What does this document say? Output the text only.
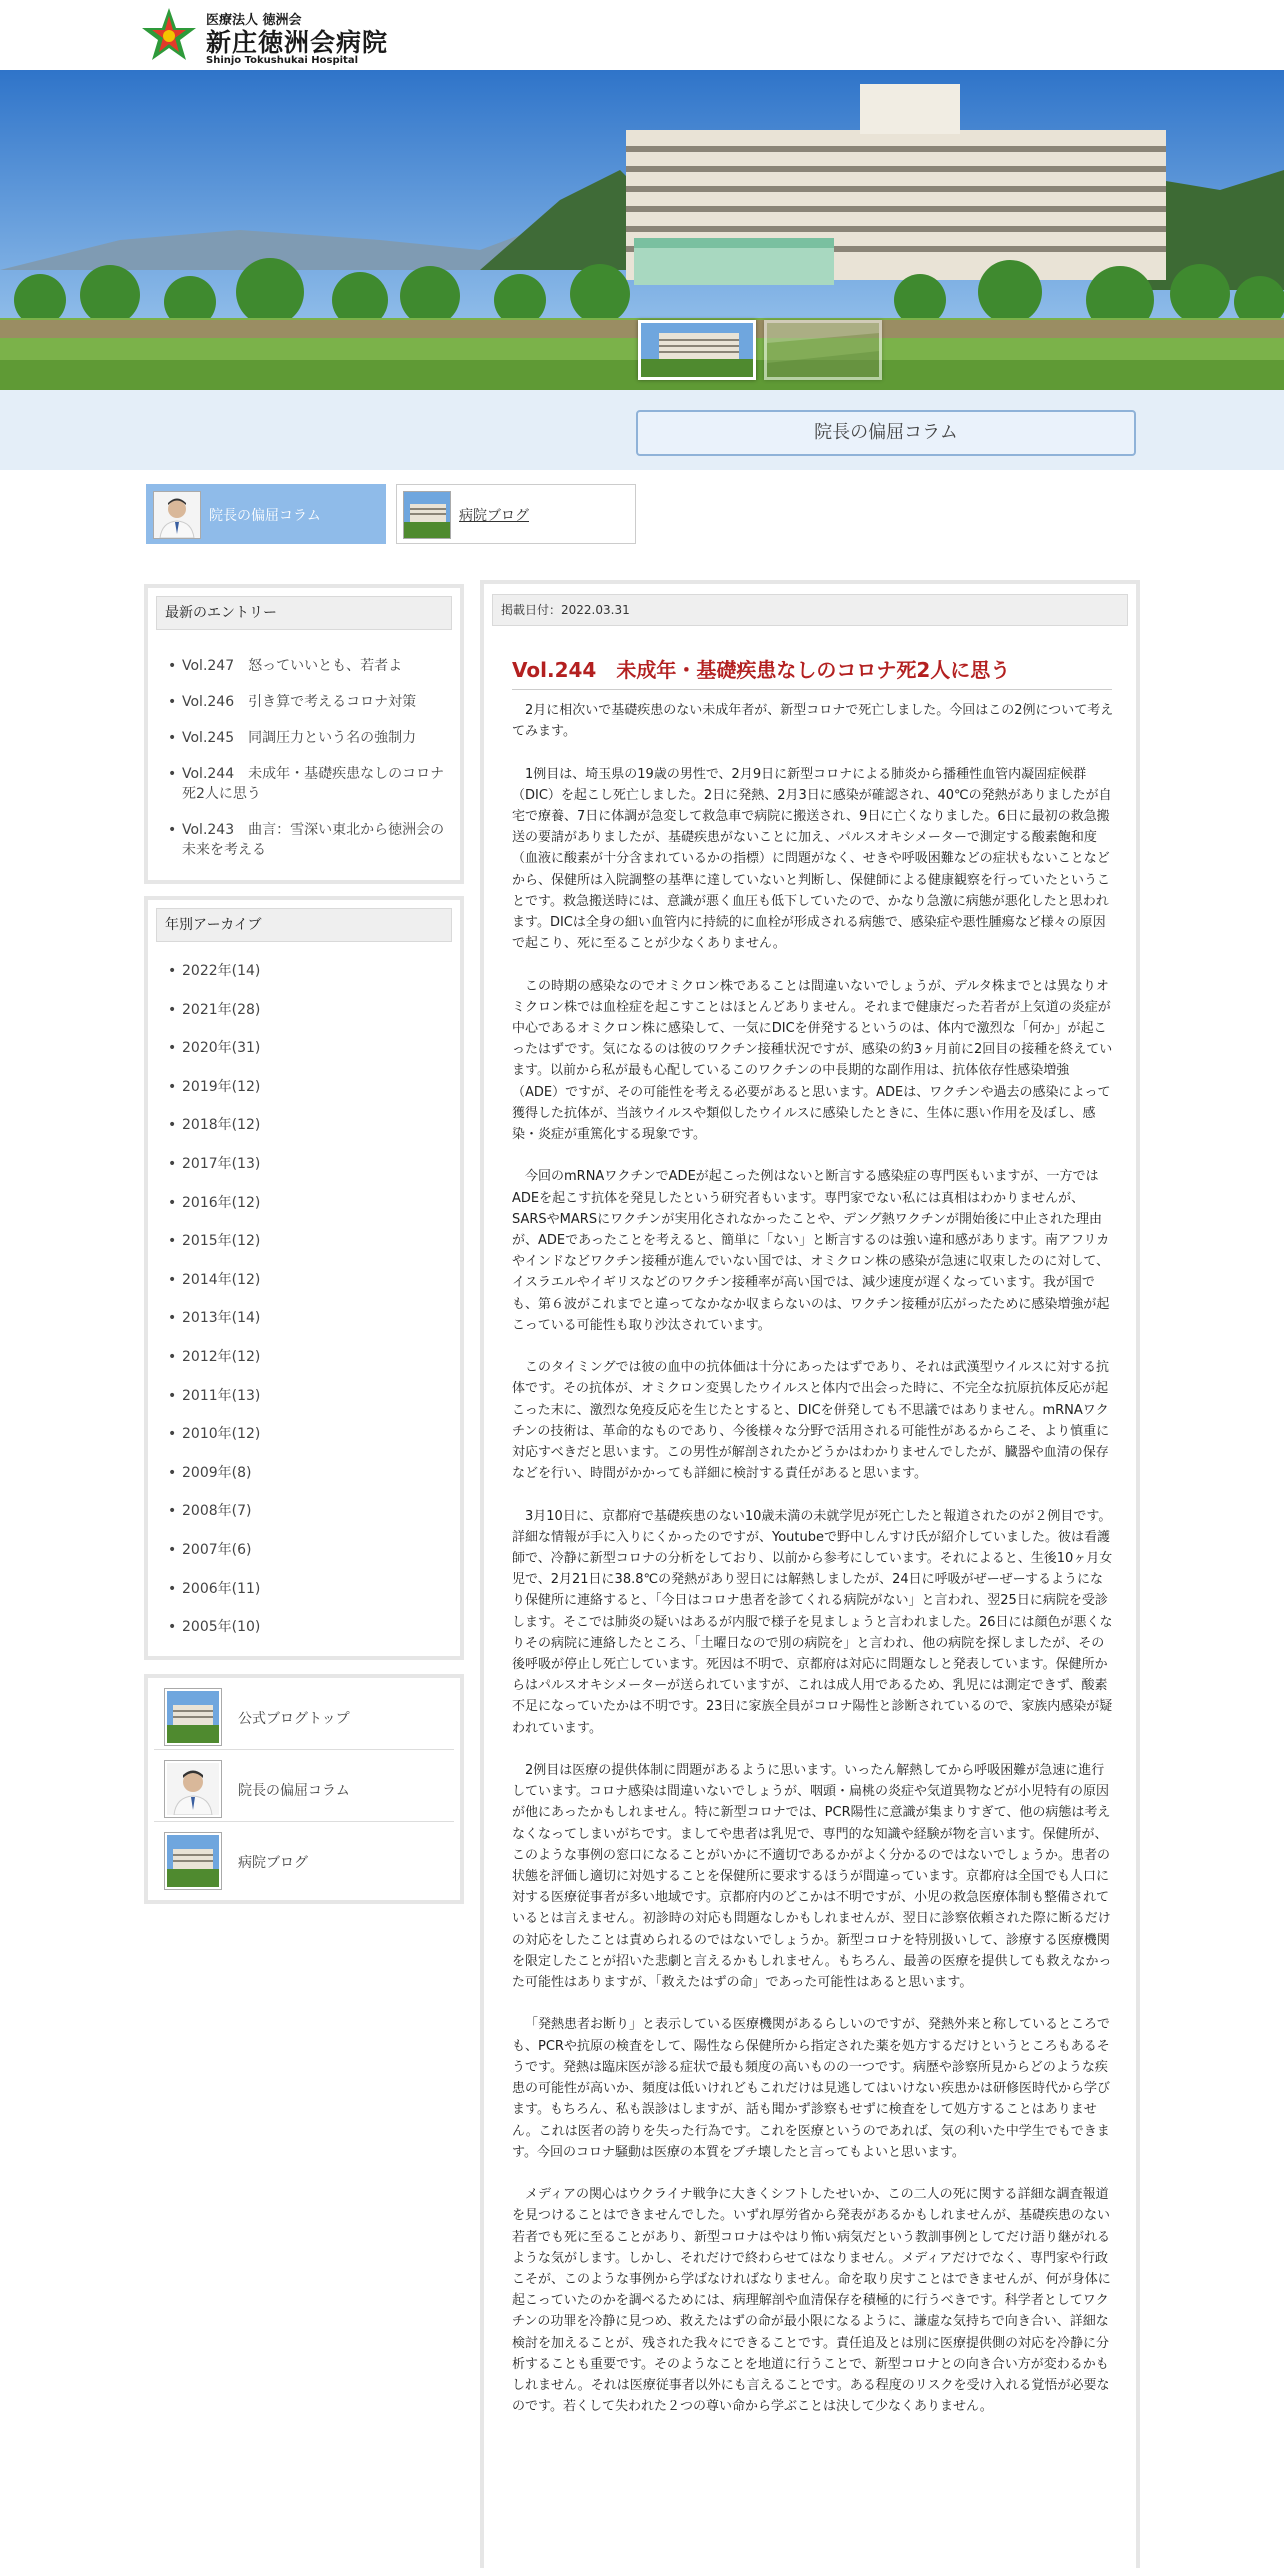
医療法人 徳洲会
新庄徳洲会病院
Shinjo Tokushukai Hospital
院長の偏屈コラム
院長の偏屈コラム	病院ブログ
最新のエントリー
• Vol.247　怒っていいとも、若者よ
• Vol.246　引き算で考えるコロナ対策
• Vol.245　同調圧力という名の強制力
• Vol.244　未成年・基礎疾患なしのコロナ死2人に思う
• Vol.243　曲言：雪深い東北から徳洲会の未来を考える
年別アーカイブ
• 2022年(14)
• 2021年(28)
• 2020年(31)
• 2019年(12)
• 2018年(12)
• 2017年(13)
• 2016年(12)
• 2015年(12)
• 2014年(12)
• 2013年(14)
• 2012年(12)
• 2011年(13)
• 2010年(12)
• 2009年(8)
• 2008年(7)
• 2007年(6)
• 2006年(11)
• 2005年(10)
公式ブログトップ
院長の偏屈コラム
病院ブログ
掲載日付：2022.03.31
Vol.244　未成年・基礎疾患なしのコロナ死2人に思う

2月に相次いで基礎疾患のない未成年者が、新型コロナで死亡しました。今回はこの2例について考えてみます。

1例目は、埼玉県の19歳の男性で、2月9日に新型コロナによる肺炎から播種性血管内凝固症候群（DIC）を起こし死亡しました。2日に発熱、2月3日に感染が確認され、40℃の発熱がありましたが自宅で療養、7日に体調が急変して救急車で病院に搬送され、9日に亡くなりました。6日に最初の救急搬送の要請がありましたが、基礎疾患がないことに加え、パルスオキシメーターで測定する酸素飽和度（血液に酸素が十分含まれているかの指標）に問題がなく、せきや呼吸困難などの症状もないことなどから、保健所は入院調整の基準に達していないと判断し、保健師による健康観察を行っていたということです。救急搬送時には、意識が悪く血圧も低下していたので、かなり急激に病態が悪化したと思われます。DICは全身の細い血管内に持続的に血栓が形成される病態で、感染症や悪性腫瘍など様々の原因で起こり、死に至ることが少なくありません。

この時期の感染なのでオミクロン株であることは間違いないでしょうが、デルタ株までとは異なりオミクロン株では血栓症を起こすことはほとんどありません。それまで健康だった若者が上気道の炎症が中心であるオミクロン株に感染して、一気にDICを併発するというのは、体内で激烈な「何か」が起こったはずです。気になるのは彼のワクチン接種状況ですが、感染の約3ヶ月前に2回目の接種を終えています。以前から私が最も心配しているこのワクチンの中長期的な副作用は、抗体依存性感染増強（ADE）ですが、その可能性を考える必要があると思います。ADEは、ワクチンや過去の感染によって獲得した抗体が、当該ウイルスや類似したウイルスに感染したときに、生体に悪い作用を及ぼし、感染・炎症が重篤化する現象です。

今回のmRNAワクチンでADEが起こった例はないと断言する感染症の専門医もいますが、一方ではADEを起こす抗体を発見したという研究者もいます。専門家でない私には真相はわかりませんが、SARSやMARSにワクチンが実用化されなかったことや、デング熱ワクチンが開始後に中止された理由が、ADEであったことを考えると、簡単に「ない」と断言するのは強い違和感があります。南アフリカやインドなどワクチン接種が進んでいない国では、オミクロン株の感染が急速に収束したのに対して、イスラエルやイギリスなどのワクチン接種率が高い国では、減少速度が遅くなっています。我が国でも、第６波がこれまでと違ってなかなか収まらないのは、ワクチン接種が広がったために感染増強が起こっている可能性も取り沙汰されています。

このタイミングでは彼の血中の抗体価は十分にあったはずであり、それは武漢型ウイルスに対する抗体です。その抗体が、オミクロン変異したウイルスと体内で出会った時に、不完全な抗原抗体反応が起こった末に、激烈な免疫反応を生じたとすると、DICを併発しても不思議ではありません。mRNAワクチンの技術は、革命的なものであり、今後様々な分野で活用される可能性があるからこそ、より慎重に対応すべきだと思います。この男性が解剖されたかどうかはわかりませんでしたが、臓器や血清の保存などを行い、時間がかかっても詳細に検討する責任があると思います。

3月10日に、京都府で基礎疾患のない10歳未満の未就学児が死亡したと報道されたのが２例目です。詳細な情報が手に入りにくかったのですが、Youtubeで野中しんすけ氏が紹介していました。彼は看護師で、冷静に新型コロナの分析をしており、以前から参考にしています。それによると、生後10ヶ月女児で、2月21日に38.8℃の発熱があり翌日には解熱しましたが、24日に呼吸がぜーぜーするようになり保健所に連絡すると、「今日はコロナ患者を診てくれる病院がない」と言われ、翌25日に病院を受診します。そこでは肺炎の疑いはあるが内服で様子を見ましょうと言われました。26日には顔色が悪くなりその病院に連絡したところ、「土曜日なので別の病院を」と言われ、他の病院を探しましたが、その後呼吸が停止し死亡しています。死因は不明で、京都府は対応に問題なしと発表しています。保健所からはパルスオキシメーターが送られていますが、これは成人用であるため、乳児には測定できず、酸素不足になっていたかは不明です。23日に家族全員がコロナ陽性と診断されているので、家族内感染が疑われています。

2例目は医療の提供体制に問題があるように思います。いったん解熱してから呼吸困難が急速に進行しています。コロナ感染は間違いないでしょうが、咽頭・扁桃の炎症や気道異物などが小児特有の原因が他にあったかもしれません。特に新型コロナでは、PCR陽性に意識が集まりすぎて、他の病態は考えなくなってしまいがちです。ましてや患者は乳児で、専門的な知識や経験が物を言います。保健所が、このような事例の窓口になることがいかに不適切であるかがよく分かるのではないでしょうか。患者の状態を評価し適切に対処することを保健所に要求するほうが間違っています。京都府は全国でも人口に対する医療従事者が多い地域です。京都府内のどこかは不明ですが、小児の救急医療体制も整備されているとは言えません。初診時の対応も問題なしかもしれませんが、翌日に診察依頼された際に断るだけの対応をしたことは責められるのではないでしょうか。新型コロナを特別扱いして、診療する医療機関を限定したことが招いた悲劇と言えるかもしれません。もちろん、最善の医療を提供しても救えなかった可能性はありますが、「救えたはずの命」であった可能性はあると思います。

「発熱患者お断り」と表示している医療機関があるらしいのですが、発熱外来と称しているところでも、PCRや抗原の検査をして、陽性なら保健所から指定された薬を処方するだけというところもあるそうです。発熱は臨床医が診る症状で最も頻度の高いものの一つです。病歴や診察所見からどのような疾患の可能性が高いか、頻度は低いけれどもこれだけは見逃してはいけない疾患かは研修医時代から学びます。もちろん、私も誤診はしますが、話も聞かず診察もせずに検査をして処方することはありません。これは医者の誇りを失った行為です。これを医療というのであれば、気の利いた中学生でもできます。今回のコロナ騒動は医療の本質をブチ壊したと言ってもよいと思います。

メディアの関心はウクライナ戦争に大きくシフトしたせいか、この二人の死に関する詳細な調査報道を見つけることはできませんでした。いずれ厚労省から発表があるかもしれませんが、基礎疾患のない若者でも死に至ることがあり、新型コロナはやはり怖い病気だという教訓事例としてだけ語り継がれるような気がします。しかし、それだけで終わらせてはなりません。メディアだけでなく、専門家や行政こそが、このような事例から学ばなければなりません。命を取り戻すことはできませんが、何が身体に起こっていたのかを調べるためには、病理解剖や血清保存を積極的に行うべきです。科学者としてワクチンの功罪を冷静に見つめ、救えたはずの命が最小限になるように、謙虚な気持ちで向き合い、詳細な検討を加えることが、残された我々にできることです。責任追及とは別に医療提供側の対応を冷静に分析することも重要です。そのようなことを地道に行うことで、新型コロナとの向き合い方が変わるかもしれません。それは医療従事者以外にも言えることです。ある程度のリスクを受け入れる覚悟が必要なのです。若くして失われた２つの尊い命から学ぶことは決して少なくありません。
